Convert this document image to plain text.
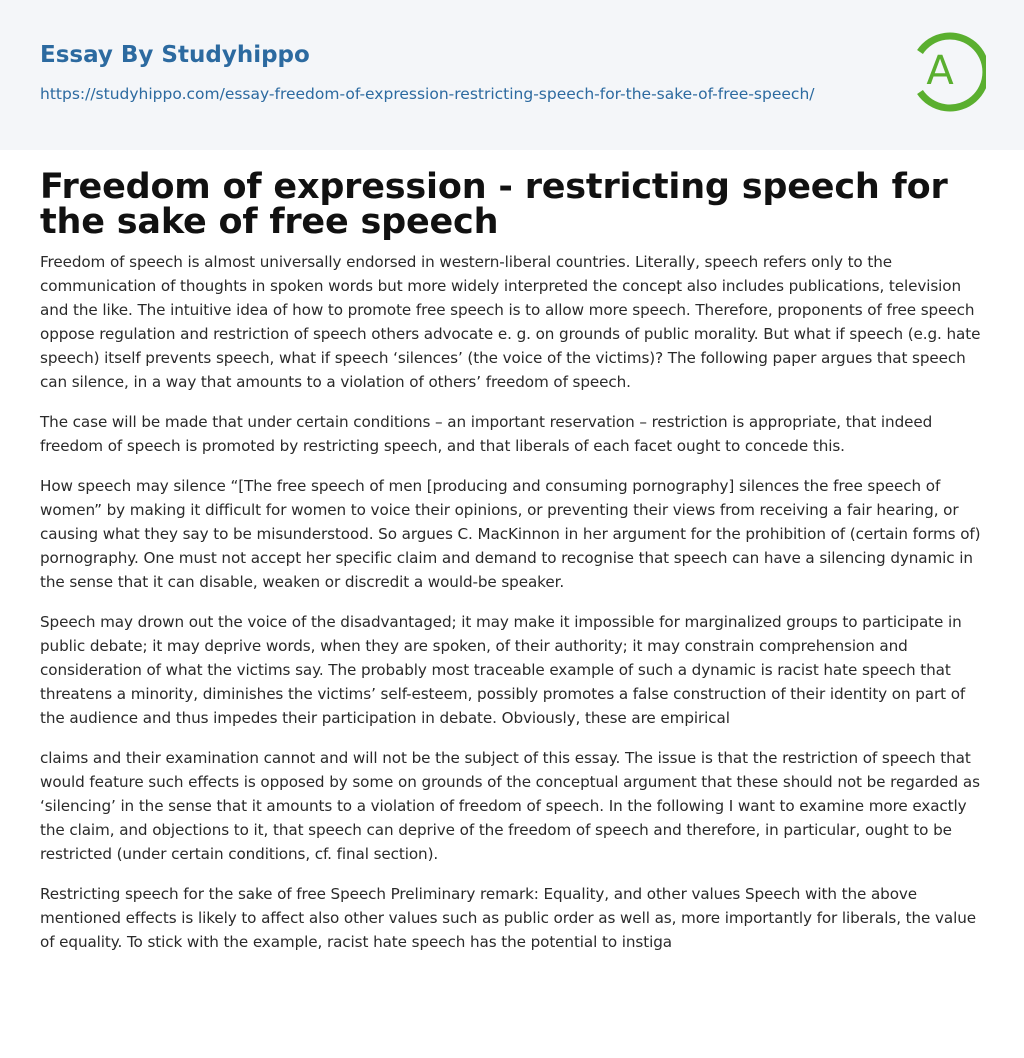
Essay By Studyhippo
https://studyhippo.com/essay-freedom-of-expression-restricting-speech-for-the-sake-of-free-speech/	A
Freedom of expression - restricting speech for the sake of free speech

Freedom of speech is almost universally endorsed in western-liberal countries. Literally, speech refers only to the communication of thoughts in spoken words but more widely interpreted the concept also includes publications, television and the like. The intuitive idea of how to promote free speech is to allow more speech. Therefore, proponents of free speech oppose regulation and restriction of speech others advocate e. g. on grounds of public morality. But what if speech (e.g. hate speech) itself prevents speech, what if speech ‘silences’ (the voice of the victims)? The following paper argues that speech can silence, in a way that amounts to a violation of others’ freedom of speech.

The case will be made that under certain conditions – an important reservation – restriction is appropriate, that indeed freedom of speech is promoted by restricting speech, and that liberals of each facet ought to concede this.

How speech may silence “[The free speech of men [producing and consuming pornography] silences the free speech of women” by making it difficult for women to voice their opinions, or preventing their views from receiving a fair hearing, or causing what they say to be misunderstood. So argues C. MacKinnon in her argument for the prohibition of (certain forms of) pornography. One must not accept her specific claim and demand to recognise that speech can have a silencing dynamic in the sense that it can disable, weaken or discredit a would-be speaker.

Speech may drown out the voice of the disadvantaged; it may make it impossible for marginalized groups to participate in public debate; it may deprive words, when they are spoken, of their authority; it may constrain comprehension and consideration of what the victims say. The probably most traceable example of such a dynamic is racist hate speech that threatens a minority, diminishes the victims’ self-esteem, possibly promotes a false construction of their identity on part of the audience and thus impedes their participation in debate. Obviously, these are empirical

claims and their examination cannot and will not be the subject of this essay. The issue is that the restriction of speech that would feature such effects is opposed by some on grounds of the conceptual argument that these should not be regarded as ‘silencing’ in the sense that it amounts to a violation of freedom of speech. In the following I want to examine more exactly the claim, and objections to it, that speech can deprive of the freedom of speech and therefore, in particular, ought to be restricted (under certain conditions, cf. final section).

Restricting speech for the sake of free Speech Preliminary remark: Equality, and other values Speech with the above mentioned effects is likely to affect also other values such as public order as well as, more importantly for liberals, the value of equality. To stick with the example, racist hate speech has the potential to instiga
